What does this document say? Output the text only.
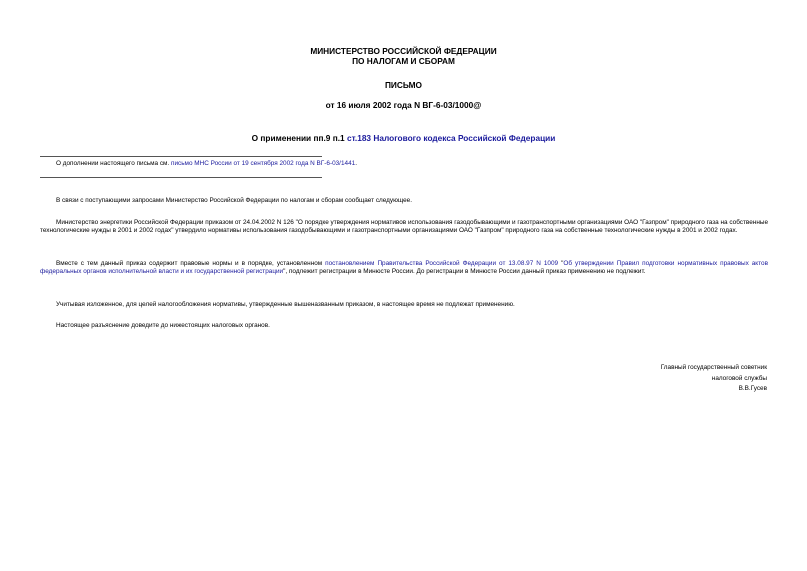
МИНИСТЕРСТВО РОССИЙСКОЙ ФЕДЕРАЦИИ
ПО НАЛОГАМ И СБОРАМ
ПИСЬМО
от 16 июля 2002 года N ВГ-6-03/1000@
О применении пп.9 п.1 ст.183 Налогового кодекса Российской Федерации
О дополнении настоящего письма см. письмо МНС России от 19 сентября 2002 года N ВГ-6-03/1441.
В связи с поступающими запросами Министерство Российской Федерации по налогам и сборам сообщает следующее.
Министерство энергетики Российской Федерации приказом от 24.04.2002 N 126 "О порядке утверждения нормативов использования газодобывающими и газотранспортными организациями ОАО "Газпром" природного газа на собственные технологические нужды в 2001 и 2002 годах" утвердило нормативы использования газодобывающими и газотранспортными организациями ОАО "Газпром" природного газа на собственные технологические нужды в 2001 и 2002 годах.
Вместе с тем данный приказ содержит правовые нормы и в порядке, установленном постановлением Правительства Российской Федерации от 13.08.97 N 1009 "Об утверждении Правил подготовки нормативных правовых актов федеральных органов исполнительной власти и их государственной регистрации", подлежит регистрации в Минюсте России. До регистрации в Минюсте России данный приказ применению не подлежит.
Учитывая изложенное, для целей налогообложения нормативы, утвержденные вышеназванным приказом, в настоящее время не подлежат применению.
Настоящее разъяснение доведите до нижестоящих налоговых органов.
Главный государственный советник
налоговой службы
В.В.Гусев
